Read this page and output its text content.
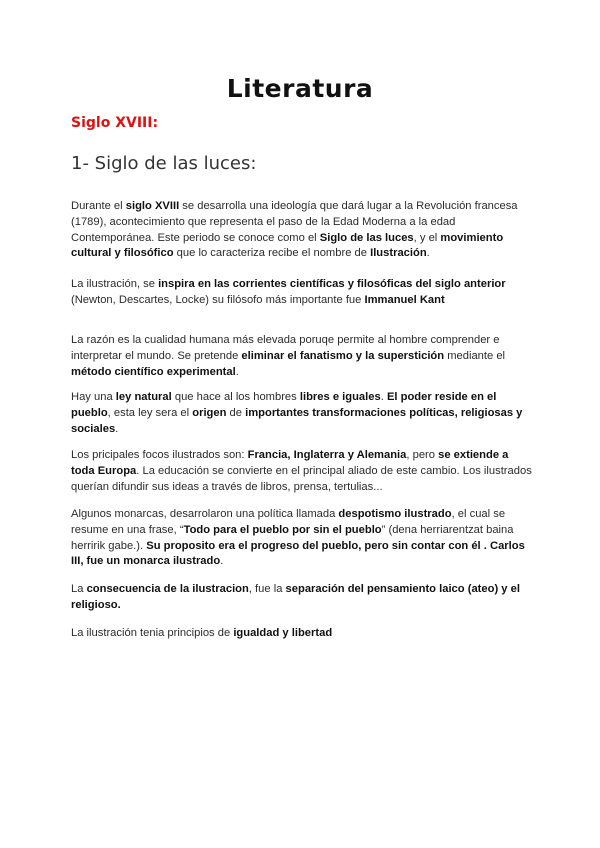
Literatura
Siglo XVIII:
1- Siglo de las luces:

Durante el siglo XVIII se desarrolla una ideología que dará lugar a la Revolución francesa (1789), acontecimiento que representa el paso de la Edad Moderna a la edad Contemporánea. Este periodo se conoce como el Siglo de las luces, y el movimiento cultural y filosófico que lo caracteriza recibe el nombre de Ilustración.

La ilustración, se inspira en las corrientes científicas y filosóficas del siglo anterior (Newton, Descartes, Locke) su filósofo más importante fue Immanuel Kant

La razón es la cualidad humana más elevada poruqe permite al hombre comprender e interpretar el mundo. Se pretende eliminar el fanatismo y la superstición mediante el método científico experimental.

Hay una ley natural que hace al los hombres libres e iguales. El poder reside en el pueblo, esta ley sera el origen de importantes transformaciones políticas, religiosas y sociales.

Los pricipales focos ilustrados son: Francia, Inglaterra y Alemania, pero se extiende a toda Europa. La educación se convierte en el principal aliado de este cambio. Los ilustrados querían difundir sus ideas a través de libros, prensa, tertulias...

Algunos monarcas, desarrolaron una política llamada despotismo ilustrado, el cual se resume en una frase, “Todo para el pueblo por sin el pueblo” (dena herriarentzat baina herririk gabe.). Su proposito era el progreso del pueblo, pero sin contar con él . Carlos III, fue un monarca ilustrado.

La consecuencia de la ilustracion, fue la separación del pensamiento laico (ateo) y el religioso.

La ilustración tenia principios de igualdad y libertad
